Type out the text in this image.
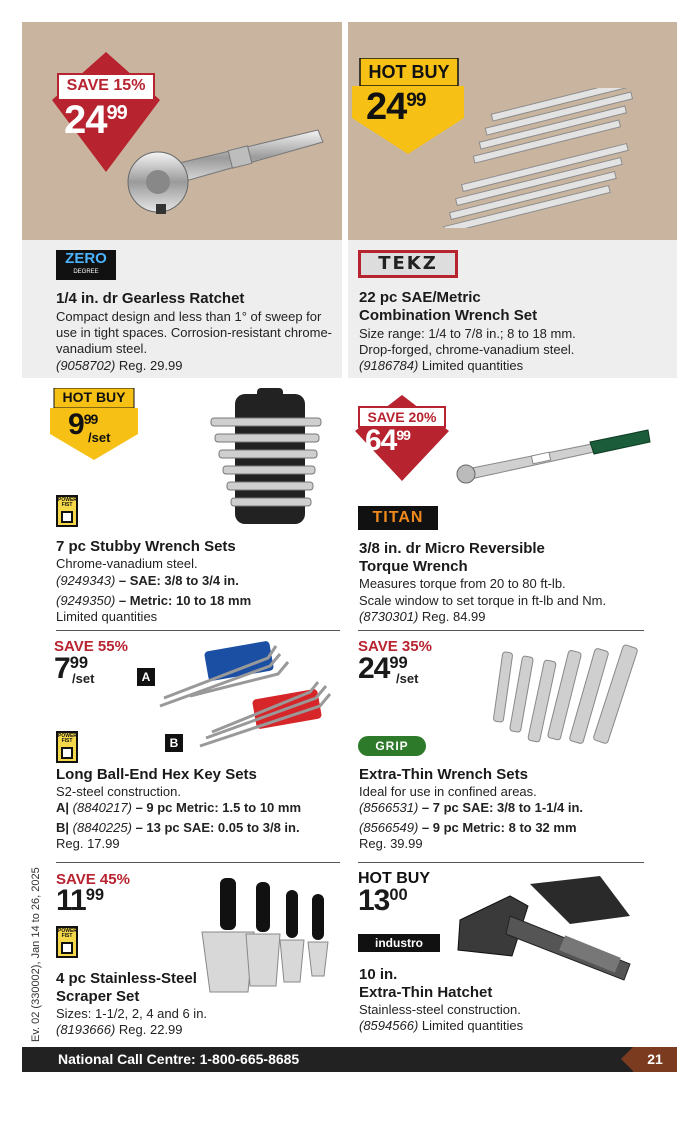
SAVE 15%
$24^{99}$
ZERO
DEGREE
1/4 in. dr Gearless Ratchet
Compact design and less than 1° of sweep for use in tight spaces. Corrosion-resistant chrome-vanadium steel.
(9058702) Reg. 29.99
HOT BUY
$24^{99}$
TEKZ
22 pc SAE/Metric
Combination Wrench Set
Size range: 1/4 to 7/8 in.; 8 to 18 mm.
Drop-forged, chrome-vanadium steel.
(9186784) Limited quantities
HOT BUY
$9^{99}$
/set
POWER FIST
7 pc Stubby Wrench Sets
Chrome-vanadium steel.
(9249343) – SAE: 3/8 to 3/4 in.
(9249350) – Metric: 10 to 18 mm
Limited quantities
SAVE 20%
$64^{99}$
TITAN
3/8 in. dr Micro Reversible
Torque Wrench
Measures torque from 20 to 80 ft-lb.
Scale window to set torque in ft-lb and Nm.
(8730301) Reg. 84.99
SAVE 55%
$7^{99}$
/set	A
B
POWER FIST
Long Ball-End Hex Key Sets
S2-steel construction.
A| (8840217) – 9 pc Metric: 1.5 to 10 mm
B| (8840225) – 13 pc SAE: 0.05 to 3/8 in.
Reg. 17.99
SAVE 35%
$24^{99}$
/set
GRIP
Extra-Thin Wrench Sets
Ideal for use in confined areas.
(8566531) – 7 pc SAE: 3/8 to 1-1/4 in.
(8566549) – 9 pc Metric: 8 to 32 mm
Reg. 39.99
SAVE 45%
$11^{99}$
POWER FIST
4 pc Stainless-Steel
Scraper Set
Sizes: 1-1/2, 2, 4 and 6 in.
(8193666) Reg. 22.99
HOT BUY
$13^{00}$
industro
10 in.
Extra-Thin Hatchet
Stainless-steel construction.
(8594566) Limited quantities
Ev. 02 (330002), Jan 14 to 26, 2025
National Call Centre: 1-800-665-8685	21
